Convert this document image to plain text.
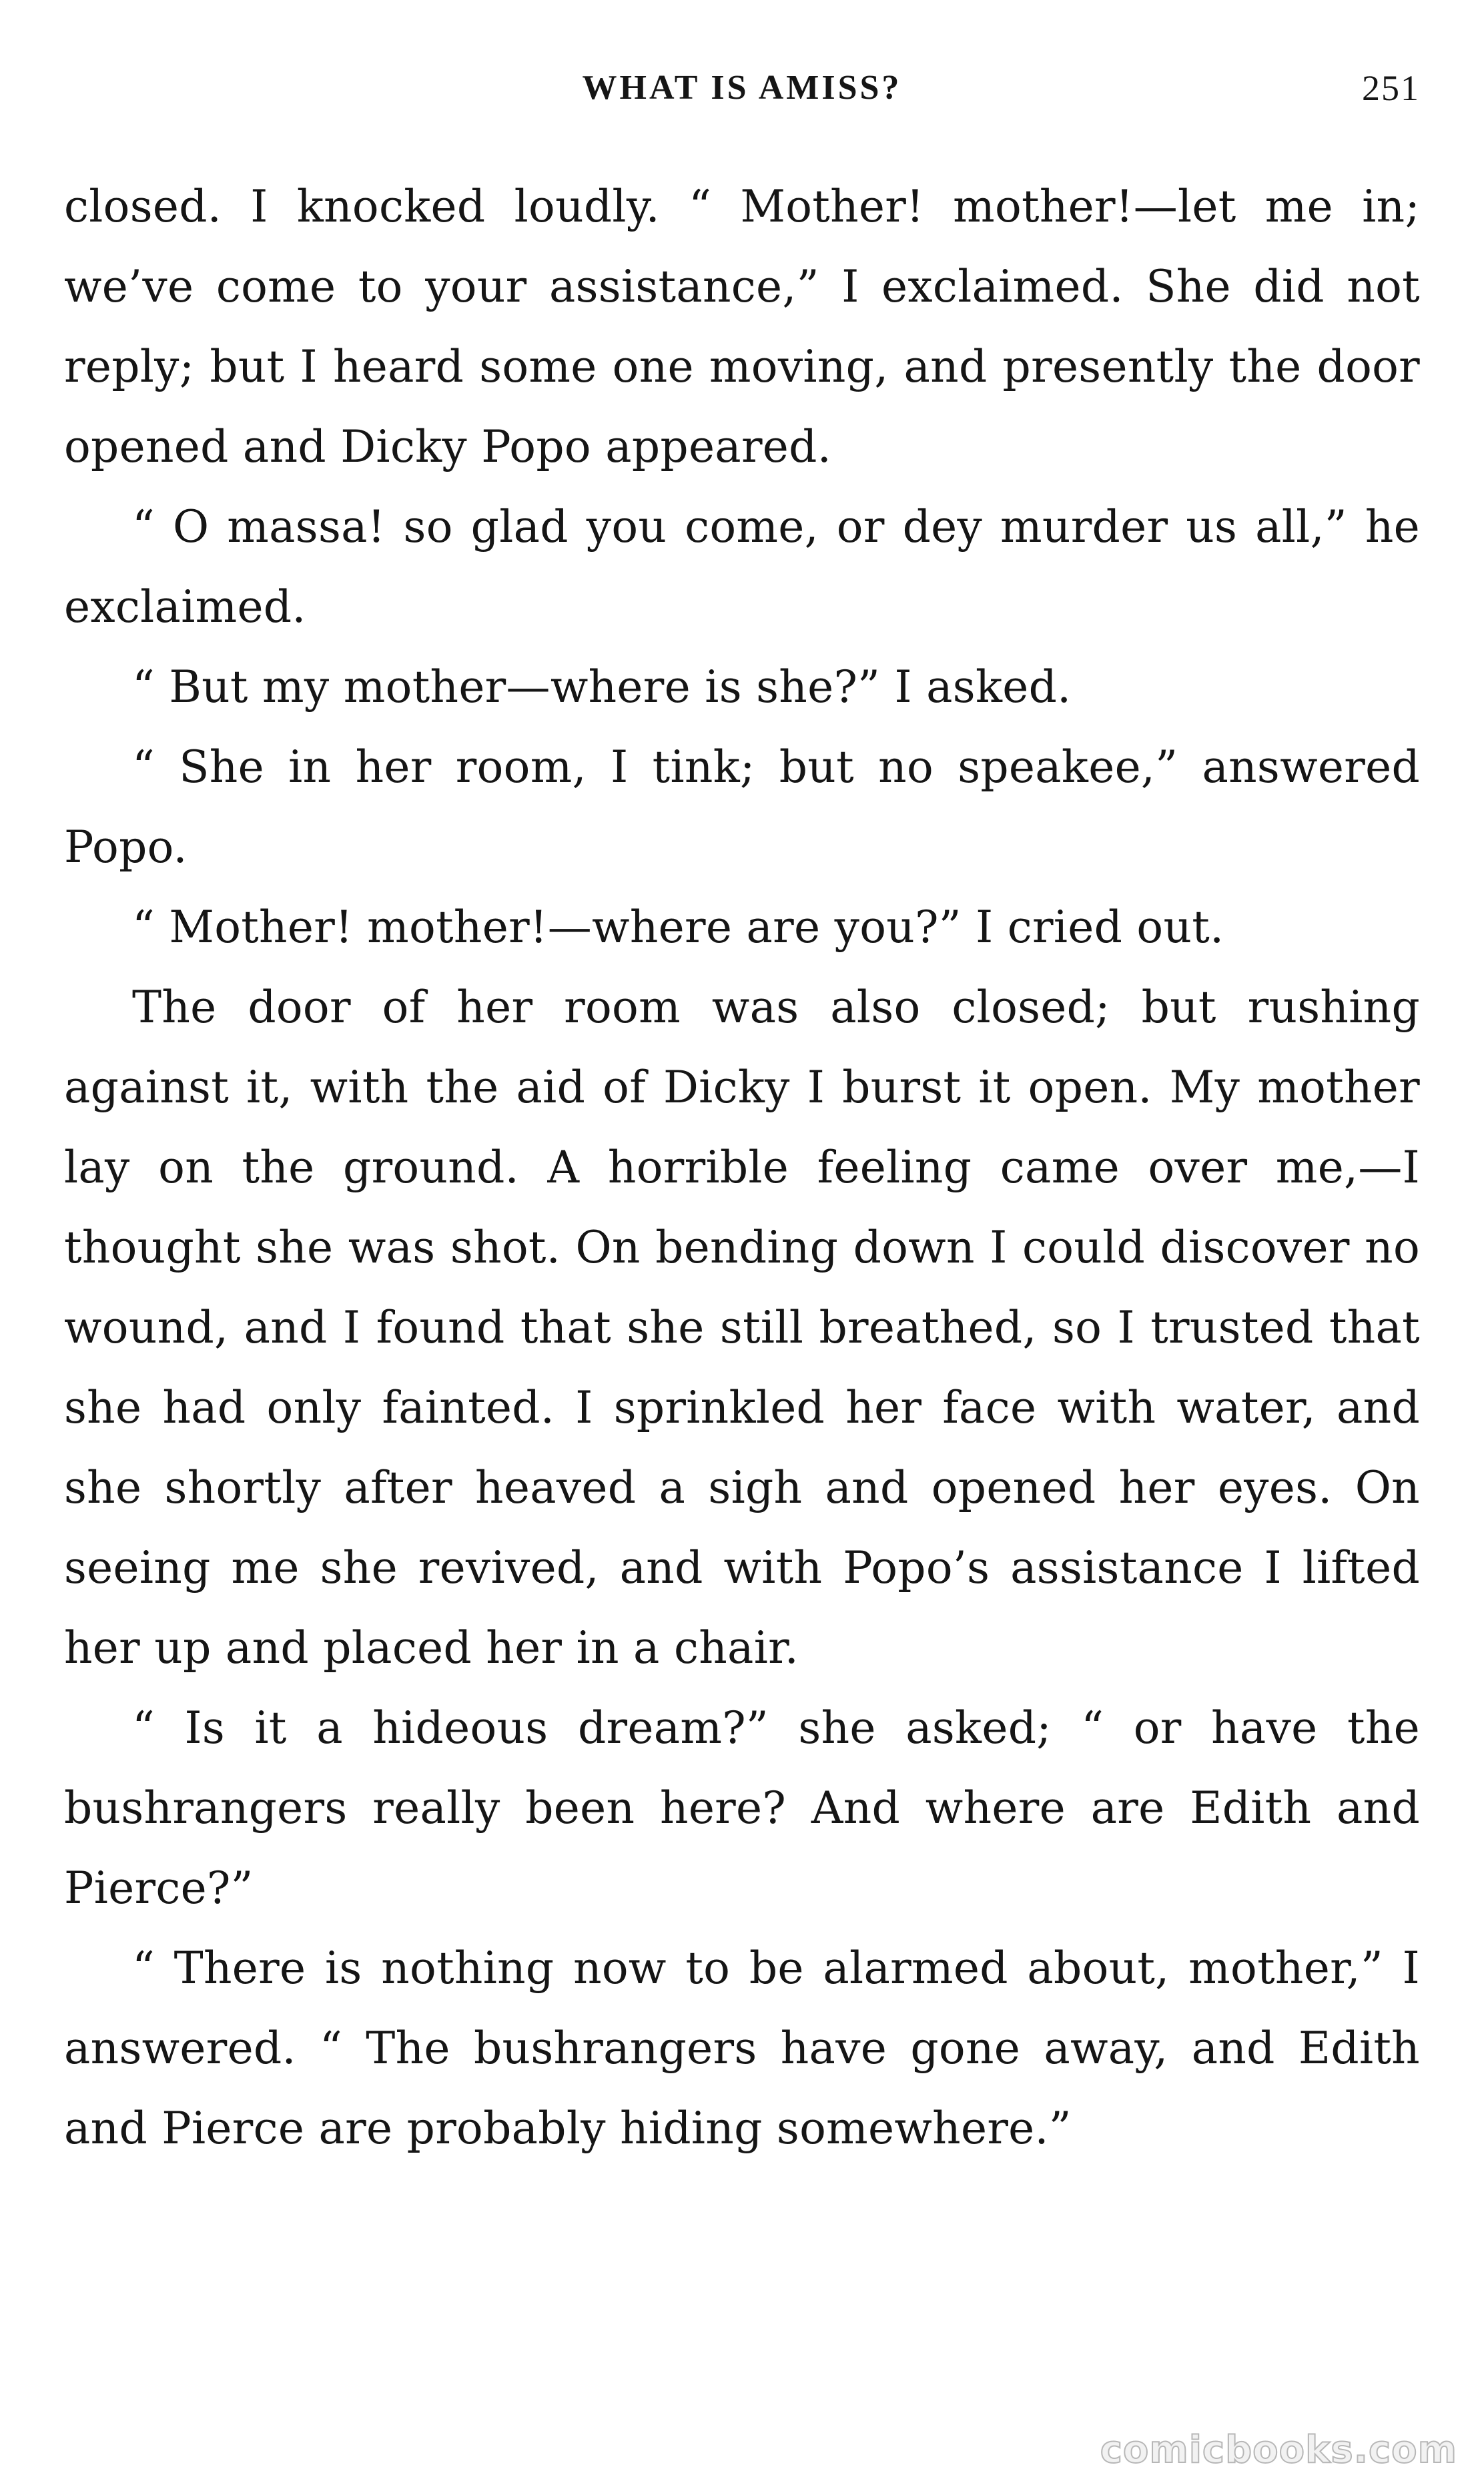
WHAT IS AMISS?	251

closed. I knocked loudly. “ Mother! mother!—let me in; we’ve come to your assistance,” I exclaimed. She did not reply; but I heard some one moving, and presently the door opened and Dicky Popo appeared.

“ O massa! so glad you come, or dey murder us all,” he exclaimed.

“ But my mother—where is she?” I asked.

“ She in her room, I tink; but no speakee,” answered Popo.

“ Mother! mother!—where are you?” I cried out.

The door of her room was also closed; but rushing against it, with the aid of Dicky I burst it open. My mother lay on the ground. A horrible feeling came over me,—I thought she was shot. On bending down I could discover no wound, and I found that she still breathed, so I trusted that she had only fainted. I sprinkled her face with water, and she shortly after heaved a sigh and opened her eyes. On seeing me she revived, and with Popo’s assistance I lifted her up and placed her in a chair.

“ Is it a hideous dream?” she asked; “ or have the bushrangers really been here? And where are Edith and Pierce?”

“ There is nothing now to be alarmed about, mother,” I answered. “ The bushrangers have gone away, and Edith and Pierce are probably hiding somewhere.”

comicbooks.com
